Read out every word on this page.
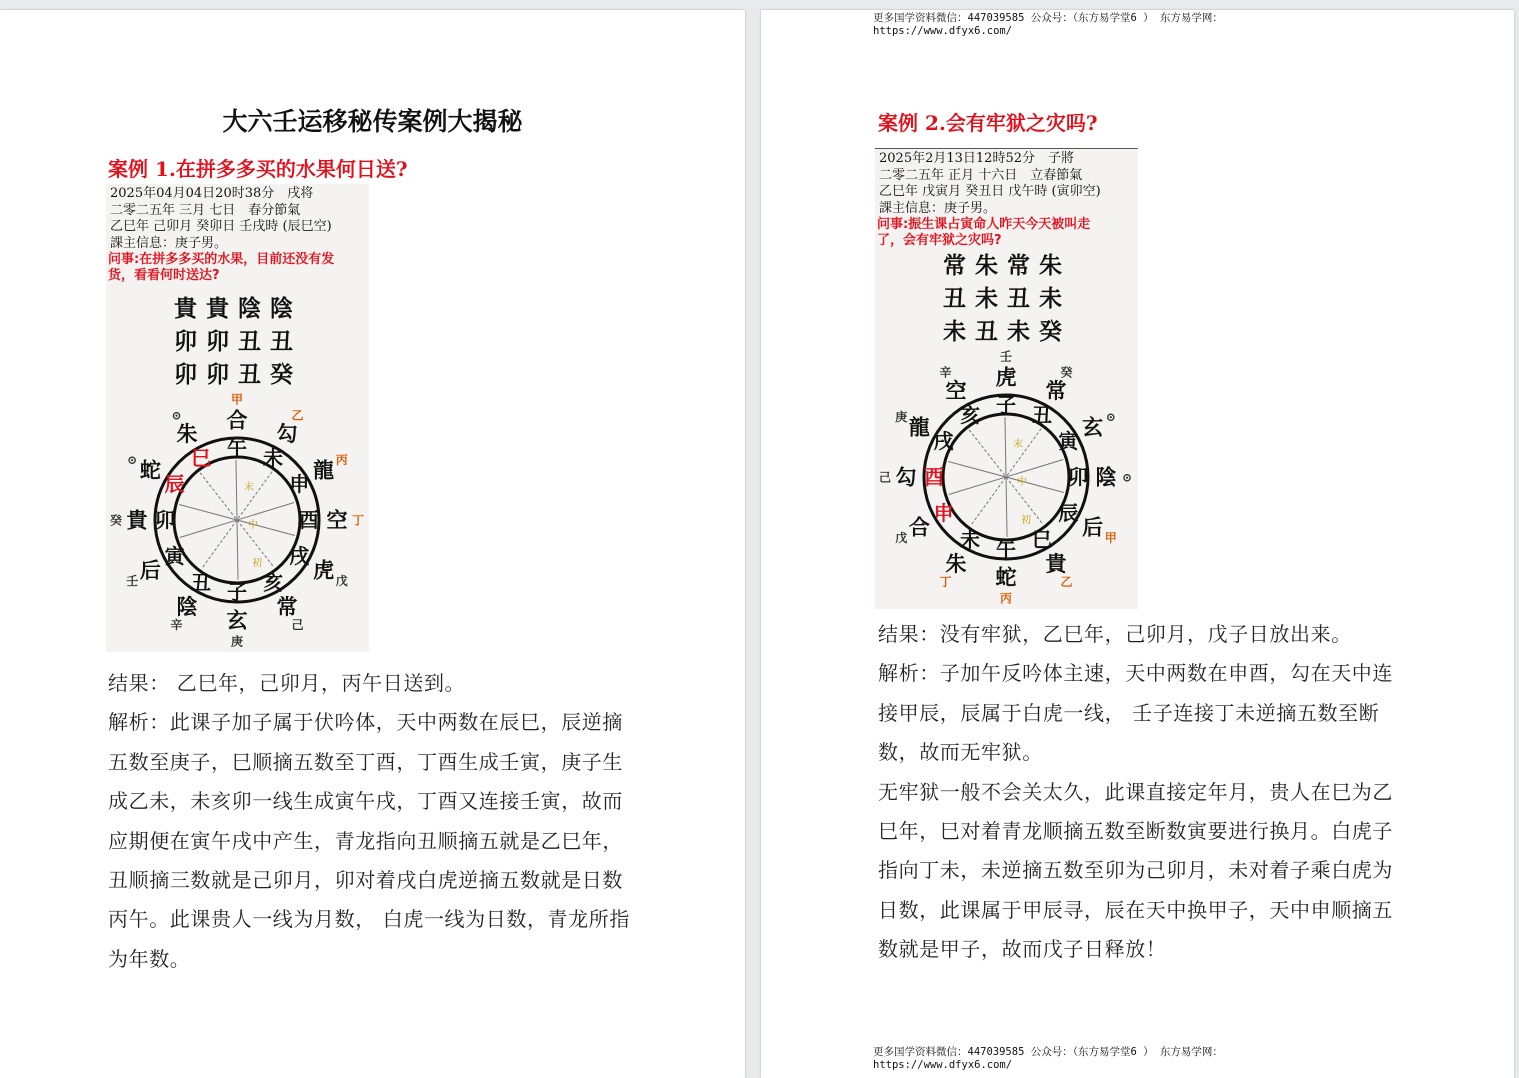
大六壬运移秘传案例大揭秘
案例 1.在拼多多买的水果何日送?
2025年04月04日20时38分　戌将
二零二五年 三月 七日　春分節氣
乙巳年 己卯月 癸卯日 壬戌時 (辰巳空)
課主信息：庚子男。
问事:在拼多多买的水果，目前还没有发
货，看看何时送达?
貴貴陰陰
卯卯丑丑
卯卯丑癸
午 未
申
酉
戌
亥
子
丑
寅
卯
辰
巳
合
勾
龍
空
虎
常
玄
陰
后
貴
蛇
朱
甲
乙
丙
丁
戊
己
庚
辛
壬
癸
⊙
⊙
末
中
初

结果： 乙巳年，己卯月，丙午日送到。

解析：此课子加子属于伏吟体，天中两数在辰巳，辰逆摘五数至庚子，巳顺摘五数至丁酉，丁酉生成壬寅，庚子生成乙未，未亥卯一线生成寅午戌，丁酉又连接壬寅，故而应期便在寅午戌中产生，青龙指向丑顺摘五就是乙巳年，丑顺摘三数就是己卯月，卯对着戌白虎逆摘五数就是日数丙午。此课贵人一线为月数， 白虎一线为日数，青龙所指为年数。

更多国学资料微信：447039585 公众号：（东方易学堂6 ） 东方易学网：
https://www.dfyx6.com/
案例 2.会有牢狱之灾吗?
2025年2月13日12時52分　子將
二零二五年 正月 十六日　立春節氣
乙巳年 戊寅月 癸丑日 戊午時 (寅卯空)
課主信息：庚子男。
问事:振生课占寅命人昨天今天被叫走
了，会有牢狱之灾吗?
常朱常朱
丑未丑未
未丑未癸
子 丑
寅
卯
辰
巳
午
未
申
酉
戌
亥
虎
常
玄
陰
后
貴
蛇
朱
合
勾
龍
空
壬
癸
⊙
⊙
甲
乙
丙
丁
戊
己
庚
辛
末
中
初

结果：没有牢狱，乙巳年，己卯月，戊子日放出来。

解析：子加午反吟体主速，天中两数在申酉，勾在天中连接甲辰，辰属于白虎一线， 壬子连接丁未逆摘五数至断数，故而无牢狱。

无牢狱一般不会关太久，此课直接定年月，贵人在巳为乙巳年，巳对着青龙顺摘五数至断数寅要进行换月。白虎子指向丁未，未逆摘五数至卯为己卯月，未对着子乘白虎为日数，此课属于甲辰寻，辰在天中换甲子，天中申顺摘五数就是甲子，故而戊子日释放！

更多国学资料微信：447039585 公众号：（东方易学堂6 ） 东方易学网：
https://www.dfyx6.com/
